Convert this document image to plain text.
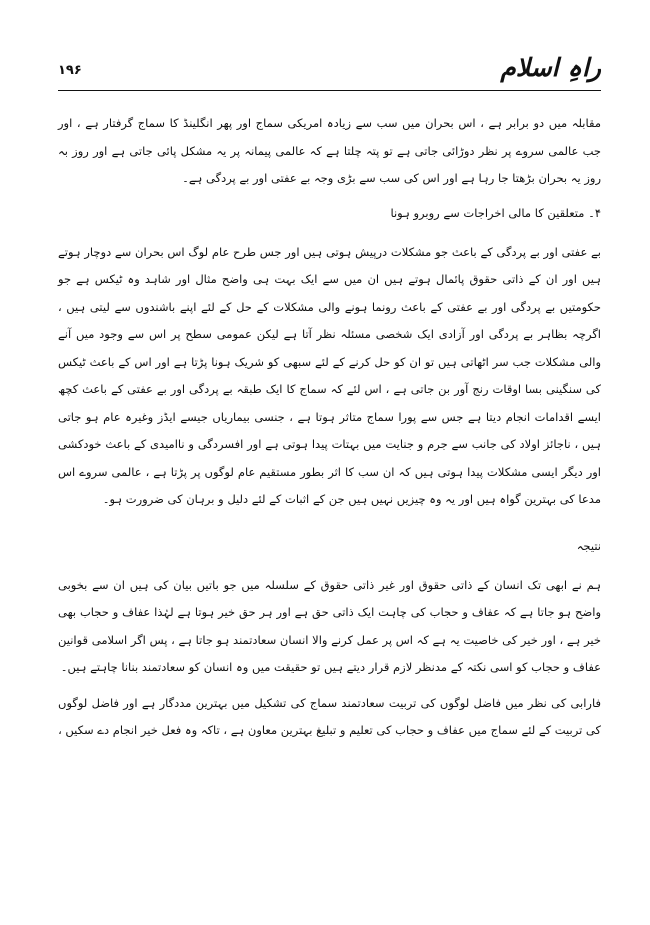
راہِ اسلام
۱۹۶

مقابلہ میں دو برابر ہے ، اس بحران میں سب سے زیادہ امریکی سماج اور پھر انگلینڈ کا سماج گرفتار ہے ، اور جب عالمی سروے پر نظر دوڑائی جاتی ہے تو پتہ چلتا ہے کہ عالمی پیمانہ پر یہ مشکل پائی جاتی ہے اور روز بہ روز یہ بحران بڑھتا جا رہا ہے اور اس کی سب سے بڑی وجہ بے عفتی اور بے پردگی ہے۔

۴۔ متعلقین کا مالی اخراجات سے روبرو ہونا

بے عفتی اور بے پردگی کے باعث جو مشکلات درپیش ہوتی ہیں اور جس طرح عام لوگ اس بحران سے دوچار ہوتے ہیں اور ان کے ذاتی حقوق پائمال ہوتے ہیں ان میں سے ایک بہت ہی واضح مثال اور شاہد وہ ٹیکس ہے جو حکومتیں بے پردگی اور بے عفتی کے باعث رونما ہونے والی مشکلات کے حل کے لئے اپنے باشندوں سے لیتی ہیں ، اگرچہ بظاہر بے پردگی اور آزادی ایک شخصی مسئلہ نظر آتا ہے لیکن عمومی سطح پر اس سے وجود میں آنے والی مشکلات جب سر اٹھاتی ہیں تو ان کو حل کرنے کے لئے سبھی کو شریک ہونا پڑتا ہے اور اس کے باعث ٹیکس کی سنگینی بسا اوقات رنج آور بن جاتی ہے ، اس لئے کہ سماج کا ایک طبقہ بے پردگی اور بے عفتی کے باعث کچھ ایسے اقدامات انجام دیتا ہے جس سے پورا سماج متاثر ہوتا ہے ، جنسی بیماریاں جیسے ایڈز وغیرہ عام ہو جاتی ہیں ، ناجائز اولاد کی جانب سے جرم و جنایت میں بہتات پیدا ہوتی ہے اور افسردگی و ناامیدی کے باعث خودکشی اور دیگر ایسی مشکلات پیدا ہوتی ہیں کہ ان سب کا اثر بطور مستقیم عام لوگوں پر پڑتا ہے ، عالمی سروے اس مدعا کی بہترین گواہ ہیں اور یہ وہ چیزیں نہیں ہیں جن کے اثبات کے لئے دلیل و برہان کی ضرورت ہو۔

نتیجہ

ہم نے ابھی تک انسان کے ذاتی حقوق اور غیر ذاتی حقوق کے سلسلہ میں جو باتیں بیان کی ہیں ان سے بخوبی واضح ہو جاتا ہے کہ عفاف و حجاب کی چاہت ایک ذاتی حق ہے اور ہر حق خیر ہوتا ہے لہٰذا عفاف و حجاب بھی خیر ہے ، اور خیر کی خاصیت یہ ہے کہ اس پر عمل کرنے والا انسان سعادتمند ہو جاتا ہے ، پس اگر اسلامی قوانین عفاف و حجاب کو اسی نکتہ کے مدنظر لازم قرار دیتے ہیں تو حقیقت میں وہ انسان کو سعادتمند بنانا چاہتے ہیں۔

فارابی کی نظر میں فاضل لوگوں کی تربیت سعادتمند سماج کی تشکیل میں بہترین مددگار ہے اور فاضل لوگوں کی تربیت کے لئے سماج میں عفاف و حجاب کی تعلیم و تبلیغ بہترین معاون ہے ، تاکہ وہ فعل خیر انجام دے سکیں ،
